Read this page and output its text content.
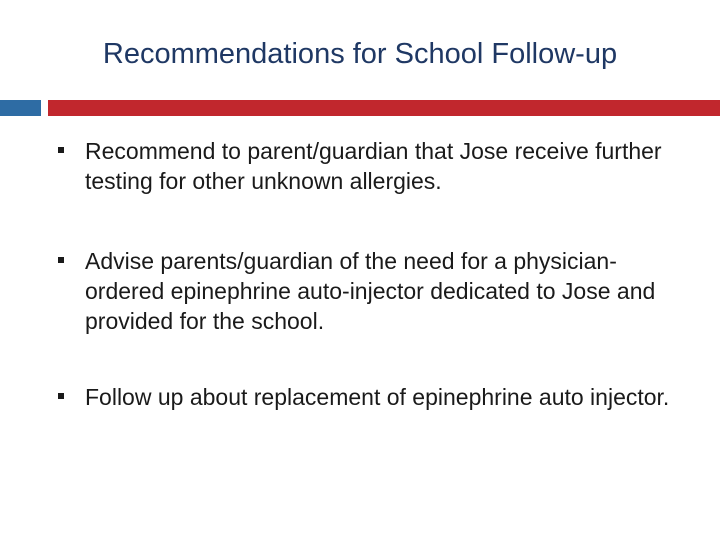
Recommendations for School Follow-up
Recommend to parent/guardian that Jose receive further testing for other unknown allergies.
Advise parents/guardian of the need for a physician-ordered epinephrine auto-injector dedicated to Jose and provided for the school.
Follow up about replacement of epinephrine auto injector.
